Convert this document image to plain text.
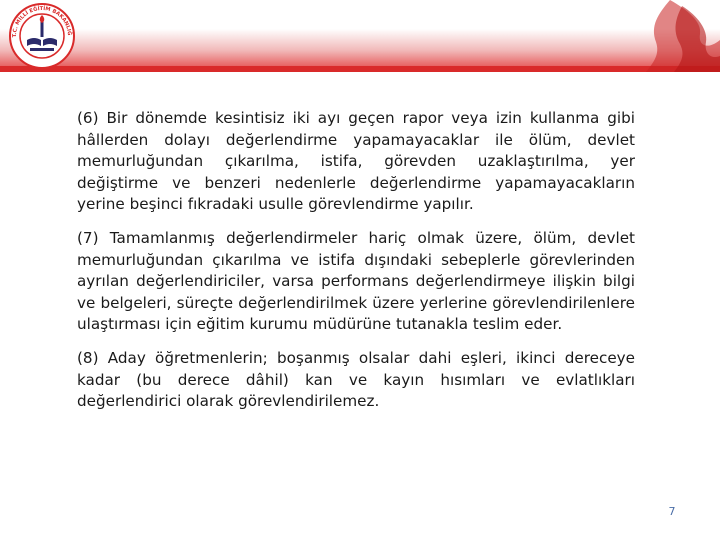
T.C. MİLLÎ EĞİTİM BAKANLIĞ

(6) Bir dönemde kesintisiz iki ayı geçen rapor veya izin kullanma gibi hâllerden dolayı değerlendirme yapamayacaklar ile ölüm, devlet memurluğundan çıkarılma, istifa, görevden uzaklaştırılma, yer değiştirme ve benzeri nedenlerle değerlendirme yapamayacakların yerine beşinci fıkradaki usulle görevlendirme yapılır.

(7) Tamamlanmış değerlendirmeler hariç olmak üzere, ölüm, devlet memurluğundan çıkarılma ve istifa dışındaki sebeplerle görevlerinden ayrılan değerlendiriciler, varsa performans değerlendirmeye ilişkin bilgi ve belgeleri, süreçte değerlendirilmek üzere yerlerine görevlendirilenlere ulaştırması için eğitim kurumu müdürüne tutanakla teslim eder.

(8) Aday öğretmenlerin; boşanmış olsalar dahi eşleri, ikinci dereceye kadar (bu derece dâhil) kan ve kayın hısımları ve evlatlıkları değerlendirici olarak görevlendirilemez.

7
